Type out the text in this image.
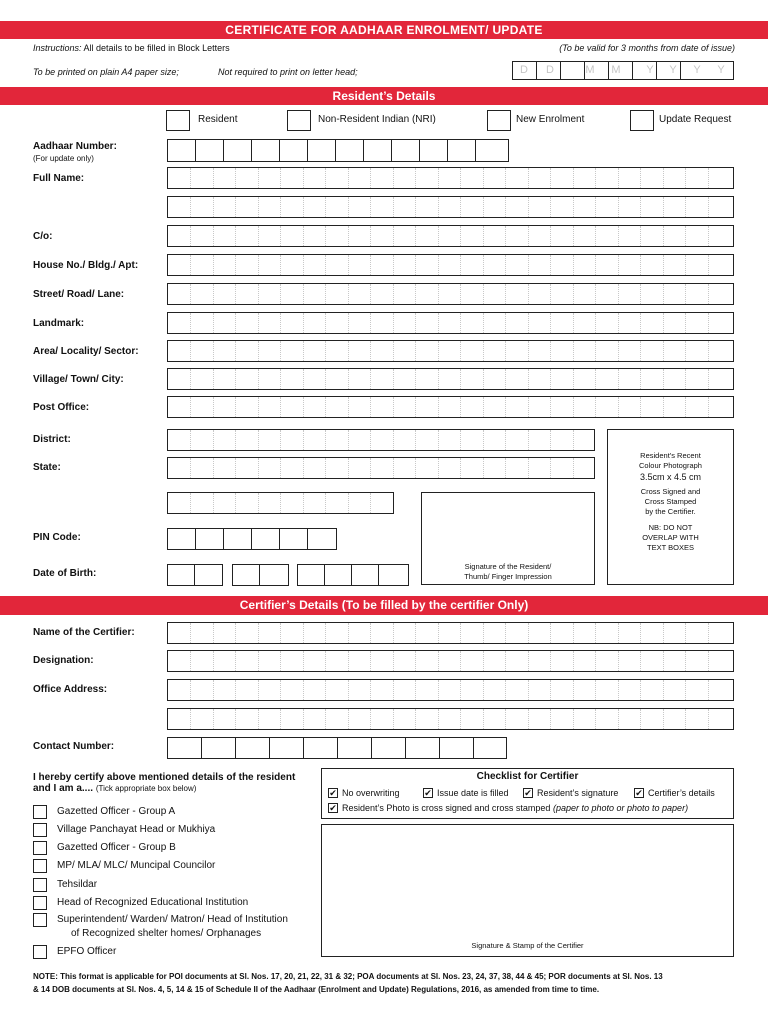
CERTIFICATE FOR AADHAAR ENROLMENT/ UPDATE
Instructions: All details to be filled in Block Letters	(To be valid for 3 months from date of issue)
To be printed on plain A4 paper size;	Not required to print on letter head;	D	D	M	M	Y	Y	Y	Y
Resident’s Details
Resident	Non-Resident Indian (NRI)	New Enrolment	Update Request
Aadhaar Number:
(For update only)
Full Name:
C/o:
House No./ Bldg./ Apt:
Street/ Road/ Lane:
Landmark:
Area/ Locality/ Sector:
Village/ Town/ City:
Post Office:
District:
State:
Resident's Recent
Colour Photograph
3.5cm x 4.5 cm
Cross Signed and
Cross Stamped
by the Certifier.
NB: DO NOT
OVERLAP WITH
TEXT BOXES
Signature of the Resident/
Thumb/ Finger Impression
PIN Code:
Date of Birth:
Certifier’s Details (To be filled by the certifier Only)
Name of the Certifier:
Designation:
Office Address:
Contact Number:
I hereby certify above mentioned details of the resident
and I am a.... (Tick appropriate box below)
Gazetted Officer - Group A
Village Panchayat Head or Mukhiya
Gazetted Officer - Group B
MP/ MLA/ MLC/ Muncipal Councilor
Tehsildar
Head of Recognized Educational Institution
Superintendent/ Warden/ Matron/ Head of Institution
of Recognized shelter homes/ Orphanages
EPFO Officer
Checklist for Certifier
✔ No overwriting	✔ Issue date is filled ✔ Resident’s signature ✔ Certifier’s details
✔ Resident’s Photo is cross signed and cross stamped (paper to photo or photo to paper)
Signature & Stamp of the Certifier
NOTE: This format is applicable for POI documents at Sl. Nos. 17, 20, 21, 22, 31 & 32; POA documents at Sl. Nos. 23, 24, 37, 38, 44 & 45; POR documents at Sl. Nos. 13
& 14 DOB documents at Sl. Nos. 4, 5, 14 & 15 of Schedule II of the Aadhaar (Enrolment and Update) Regulations, 2016, as amended from time to time.
